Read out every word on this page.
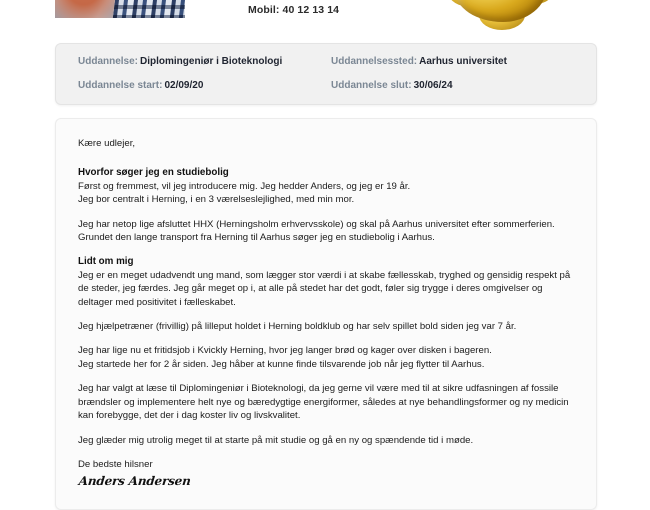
Mobil: 40 12 13 14
Uddannelse: Diplomingeniør i Bioteknologi	Uddannelsessted: Aarhus universitet
Uddannelse start: 02/09/20	Uddannelse slut: 30/06/24

Kære udlejer,

Hvorfor søger jeg en studiebolig
Først og fremmest, vil jeg introducere mig. Jeg hedder Anders, og jeg er 19 år.
Jeg bor centralt i Herning, i en 3 værelseslejlighed, med min mor.

Jeg har netop lige afsluttet HHX (Herningsholm erhvervsskole) og skal på Aarhus universitet efter sommerferien.
Grundet den lange transport fra Herning til Aarhus søger jeg en studiebolig i Aarhus.

Lidt om mig
Jeg er en meget udadvendt ung mand, som lægger stor værdi i at skabe fællesskab, tryghed og gensidig respekt på de steder, jeg færdes. Jeg går meget op i, at alle på stedet har det godt, føler sig trygge i deres omgivelser og deltager med positivitet i fælleskabet.

Jeg hjælpetræner (frivillig) på lilleput holdet i Herning boldklub og har selv spillet bold siden jeg var 7 år.

Jeg har lige nu et fritidsjob i Kvickly Herning, hvor jeg langer brød og kager over disken i bageren.
Jeg startede her for 2 år siden. Jeg håber at kunne finde tilsvarende job når jeg flytter til Aarhus.

Jeg har valgt at læse til Diplomingeniør i Bioteknologi, da jeg gerne vil være med til at sikre udfasningen af fossile brændsler og implementere helt nye og bæredygtige energiformer, således at nye behandlingsformer og ny medicin kan forebygge, det der i dag koster liv og livskvalitet.

Jeg glæder mig utrolig meget til at starte på mit studie og gå en ny og spændende tid i møde.

De bedste hilsner

Anders Andersen
